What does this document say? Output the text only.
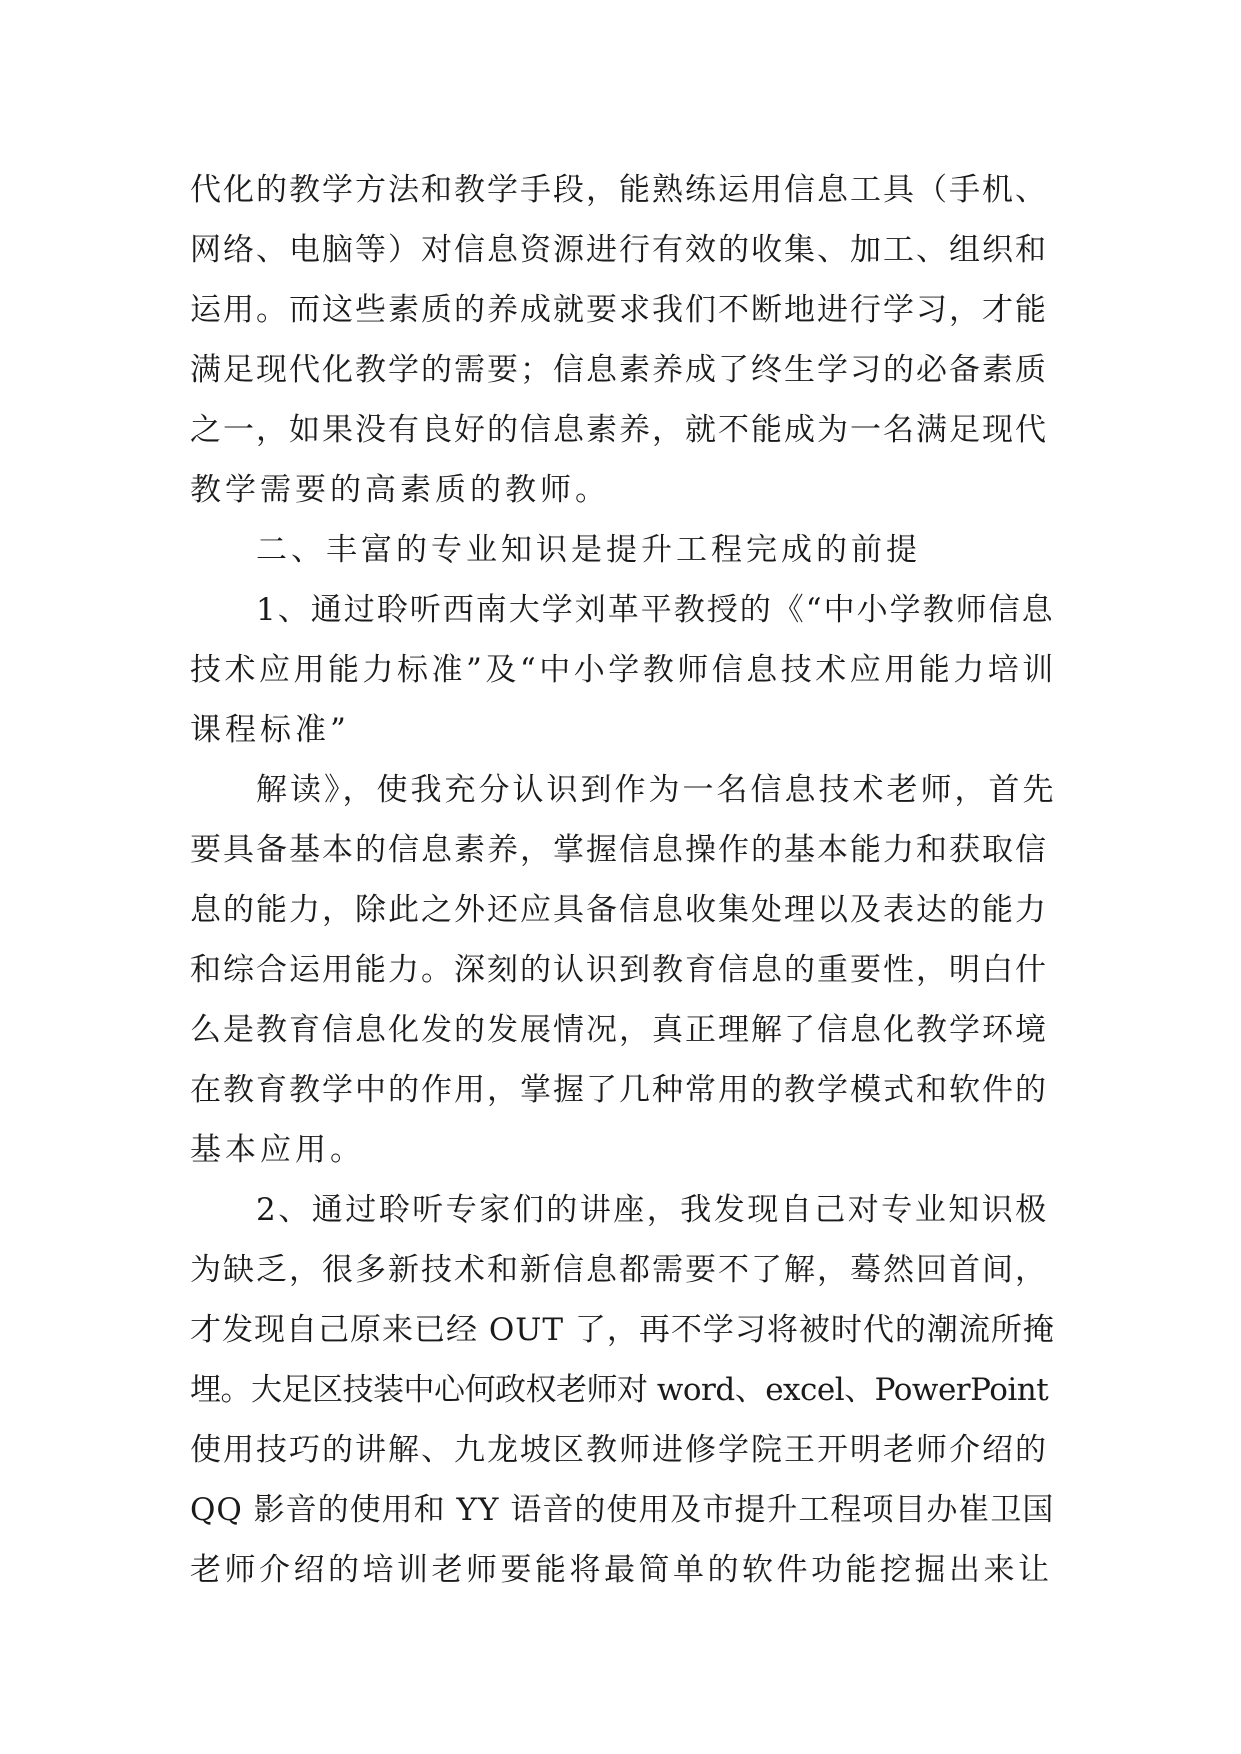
代化的教学方法和教学手段，能熟练运用信息工具（手机、
网络、电脑等）对信息资源进行有效的收集、加工、组织和
运用。而这些素质的养成就要求我们不断地进行学习，才能
满足现代化教学的需要；信息素养成了终生学习的必备素质
之一，如果没有良好的信息素养，就不能成为一名满足现代
教学需要的高素质的教师。
二、丰富的专业知识是提升工程完成的前提
1、通过聆听西南大学刘革平教授的《“中小学教师信息
技术应用能力标准”及“中小学教师信息技术应用能力培训
课程标准”
解读》，使我充分认识到作为一名信息技术老师，首先
要具备基本的信息素养，掌握信息操作的基本能力和获取信
息的能力，除此之外还应具备信息收集处理以及表达的能力
和综合运用能力。深刻的认识到教育信息的重要性，明白什
么是教育信息化发的发展情况，真正理解了信息化教学环境
在教育教学中的作用，掌握了几种常用的教学模式和软件的
基本应用。
2、通过聆听专家们的讲座，我发现自己对专业知识极
为缺乏，很多新技术和新信息都需要不了解，蓦然回首间，
才发现自己原来已经 OUT 了，再不学习将被时代的潮流所掩
埋。大足区技装中心何政权老师对 word、excel、PowerPoint
使用技巧的讲解、九龙坡区教师进修学院王开明老师介绍的
QQ 影音的使用和 YY 语音的使用及市提升工程项目办崔卫国
老师介绍的培训老师要能将最简单的软件功能挖掘出来让
